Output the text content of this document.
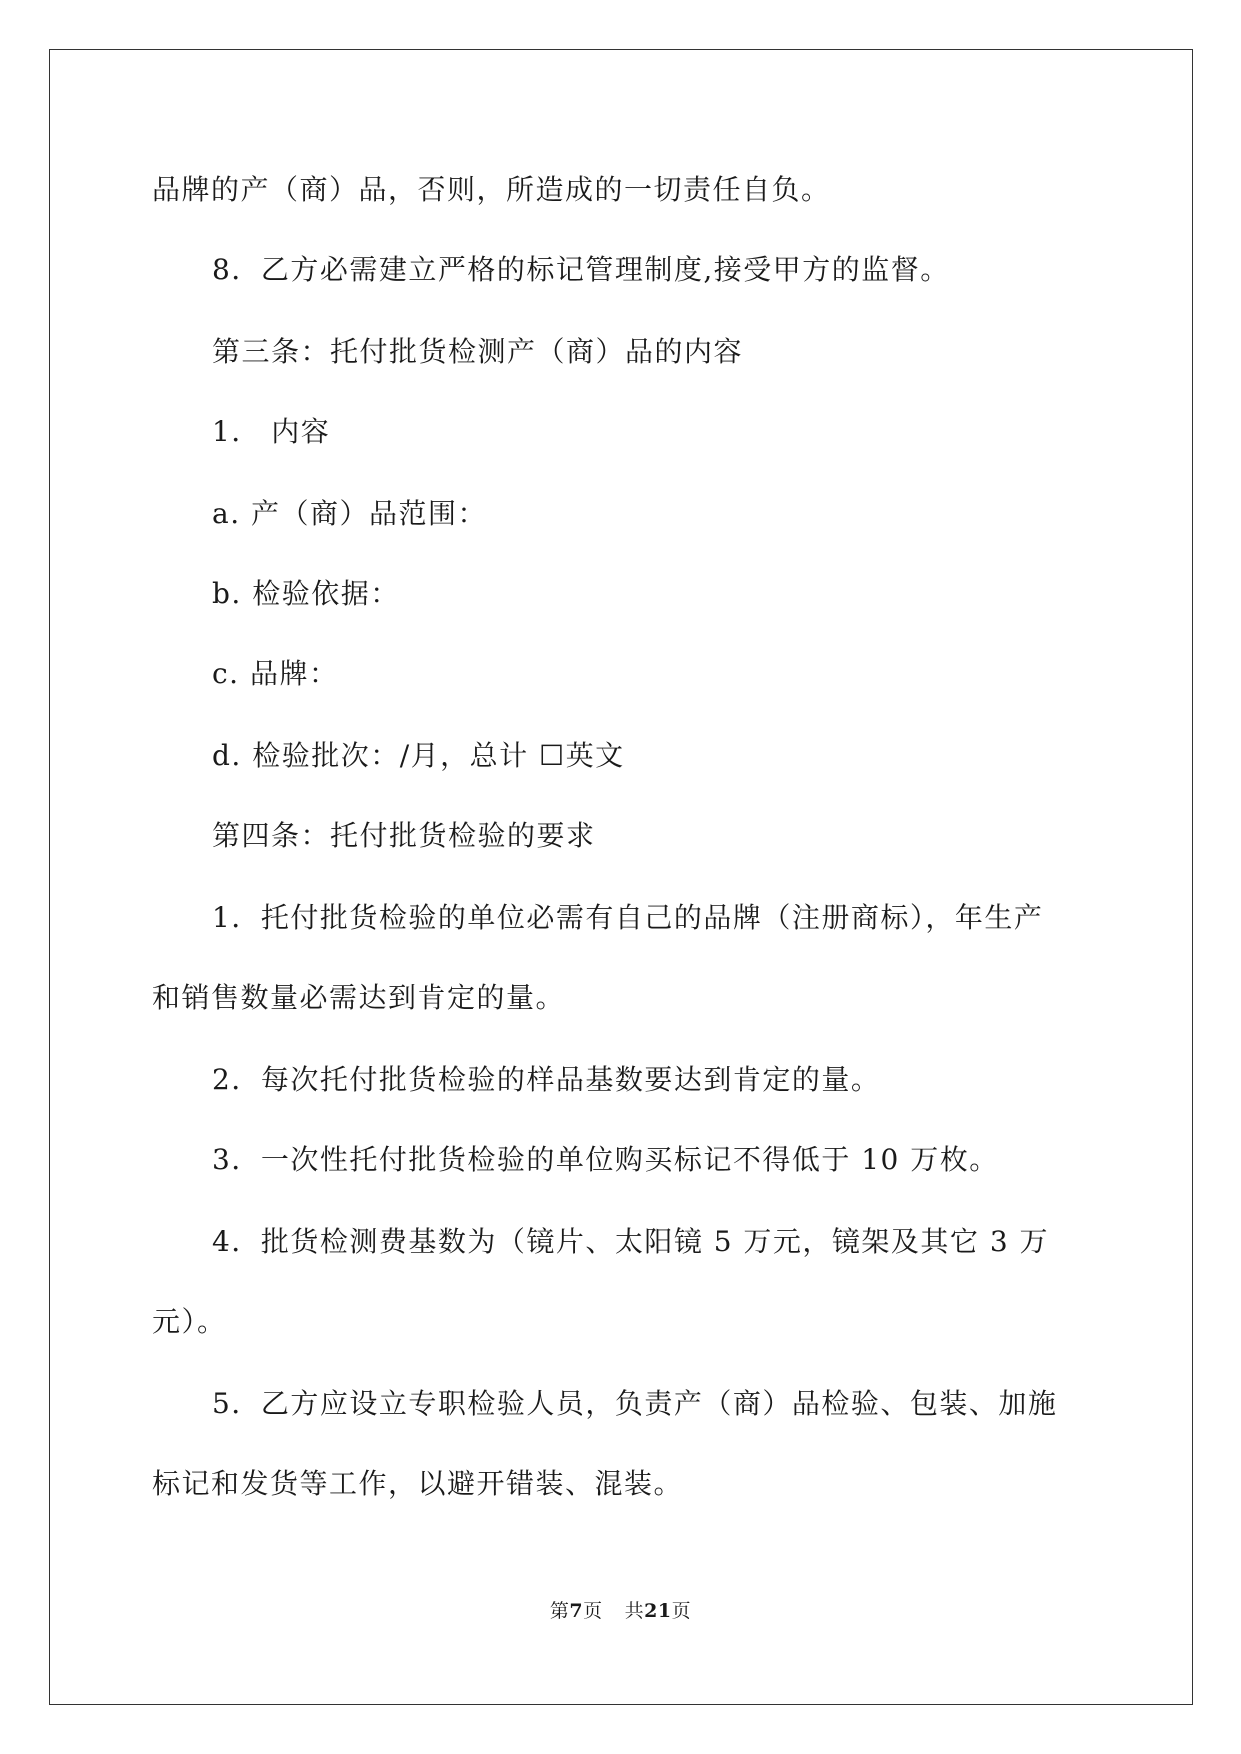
品牌的产（商）品，否则，所造成的一切责任自负。
8．乙方必需建立严格的标记管理制度,接受甲方的监督。
第三条：托付批货检测产（商）品的内容
1． 内容
a. 产（商）品范围：
b. 检验依据：
c. 品牌：
d. 检验批次：/月，总计 ☐英文
第四条：托付批货检验的要求
1．托付批货检验的单位必需有自己的品牌（注册商标），年生产
和销售数量必需达到肯定的量。
2．每次托付批货检验的样品基数要达到肯定的量。
3．一次性托付批货检验的单位购买标记不得低于 10 万枚。
4．批货检测费基数为（镜片、太阳镜 5 万元，镜架及其它 3 万
元）。
5．乙方应设立专职检验人员，负责产（商）品检验、包装、加施
标记和发货等工作，以避开错装、混装。
第7页 共21页
